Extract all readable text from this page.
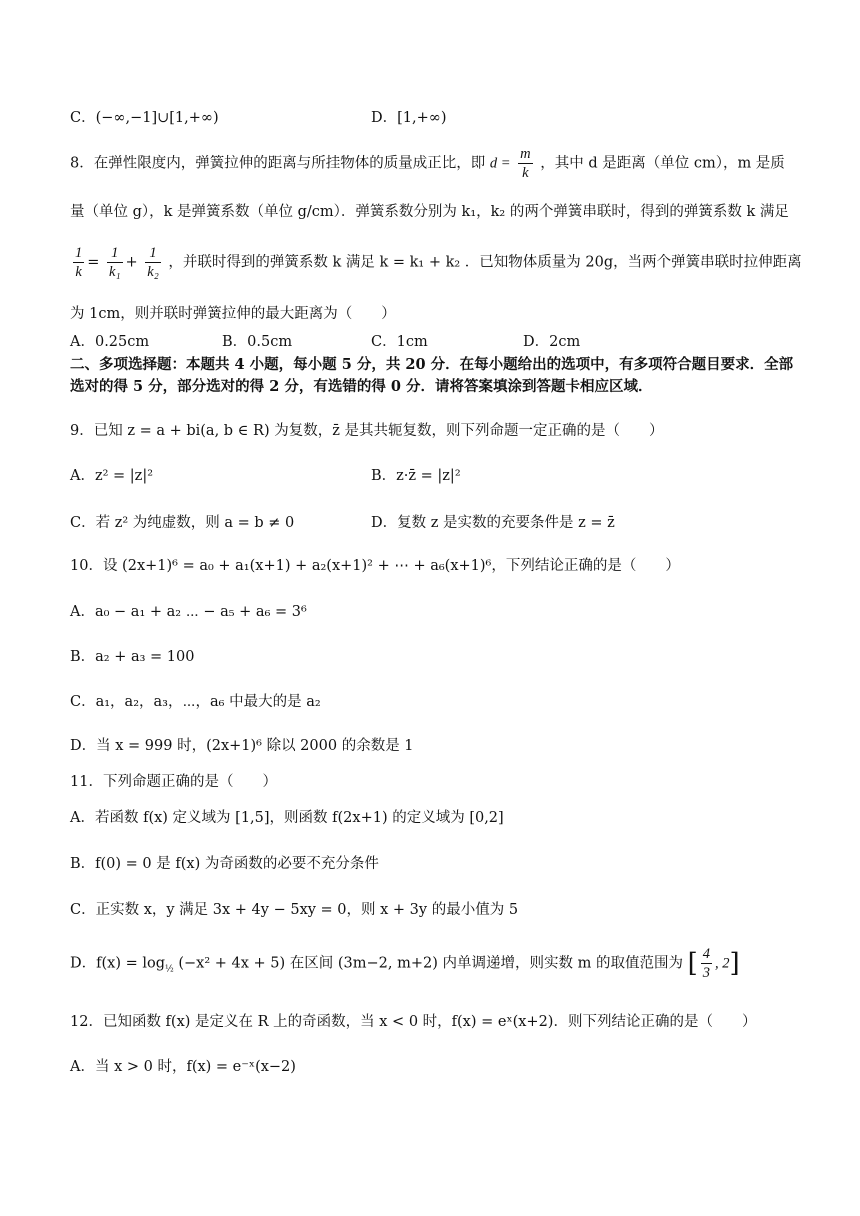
C．(−∞,−1]∪[1,+∞)	D．[1,+∞)
8．在弹性限度内，弹簧拉伸的距离与所挂物体的质量成正比，即 $d = \frac{m}{k}$ ，其中 d 是距离（单位 cm），m 是质
量（单位 g），k 是弹簧系数（单位 g/cm）．弹簧系数分别为 k₁，k₂ 的两个弹簧串联时，得到的弹簧系数 k 满足
$\frac{1}{k} = \frac{1}{\text{k₁}} + \frac{1}{\text{k₂}}$ ，并联时得到的弹簧系数 k 满足 k = k₁ + k₂ ．已知物体质量为 20g，当两个弹簧串联时拉伸距离
为 1cm，则并联时弹簧拉伸的最大距离为（　　）
A．0.25cm	B．0.5cm	C．1cm	D．2cm
二、多项选择题：本题共 4 小题，每小题 5 分，共 20 分．在每小题给出的选项中，有多项符合题目要求．全部选对的得 5 分，部分选对的得 2 分，有选错的得 0 分．请将答案填涂到答题卡相应区域．
9．已知 z = a + bi(a, b ∈ R) 为复数，z̄ 是其共轭复数，则下列命题一定正确的是（　　）
A．z² = |z|²	B．z·z̄ = |z|²
C．若 z² 为纯虚数，则 a = b ≠ 0	D．复数 z 是实数的充要条件是 z = z̄
10．设 (2x+1)⁶ = a₀ + a₁(x+1) + a₂(x+1)² + ⋯ + a₆(x+1)⁶，下列结论正确的是（　　）
A．a₀ − a₁ + a₂ ⋯ − a₅ + a₆ = 3⁶
B．a₂ + a₃ = 100
C．a₁，a₂，a₃，⋯，a₆ 中最大的是 a₂
D．当 x = 999 时，(2x+1)⁶ 除以 2000 的余数是 1
11．下列命题正确的是（　　）
A．若函数 f(x) 定义域为 [1,5]，则函数 f(2x+1) 的定义域为 [0,2]
B．f(0) = 0 是 f(x) 为奇函数的必要不充分条件
C．正实数 x，y 满足 3x + 4y − 5xy = 0，则 x + 3y 的最小值为 5
D．$f(x) = \log_{\frac{1}{2}} (-x^2 + 4x + 5)$ 在区间 (3m−2, m+2) 内单调递增，则实数 m 的取值范围为 [ $\frac{4}{3}$ , 2]
12．已知函数 f(x) 是定义在 R 上的奇函数，当 x < 0 时，f(x) = eˣ(x+2)．则下列结论正确的是（　　）
A．当 x > 0 时，f(x) = e⁻ˣ(x−2)
